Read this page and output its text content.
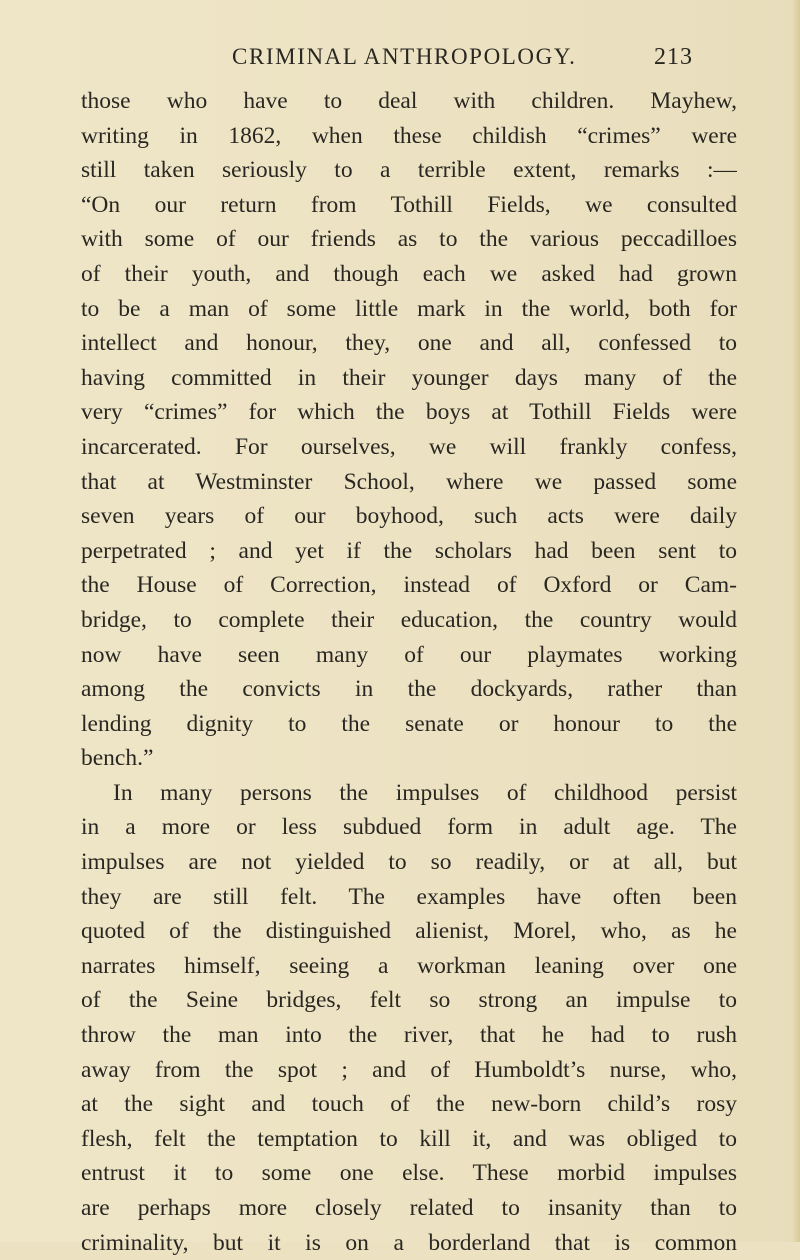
CRIMINAL ANTHROPOLOGY.	213
those who have to deal with children. Mayhew,
writing in 1862, when these childish “crimes” were
still taken seriously to a terrible extent, remarks :—
“On our return from Tothill Fields, we consulted
with some of our friends as to the various peccadilloes
of their youth, and though each we asked had grown
to be a man of some little mark in the world, both for
intellect and honour, they, one and all, confessed to
having committed in their younger days many of the
very “crimes” for which the boys at Tothill Fields were
incarcerated. For ourselves, we will frankly confess,
that at Westminster School, where we passed some
seven years of our boyhood, such acts were daily
perpetrated ; and yet if the scholars had been sent to
the House of Correction, instead of Oxford or Cam-
bridge, to complete their education, the country would
now have seen many of our playmates working
among the convicts in the dockyards, rather than
lending dignity to the senate or honour to the
bench.”
In many persons the impulses of childhood persist
in a more or less subdued form in adult age. The
impulses are not yielded to so readily, or at all, but
they are still felt. The examples have often been
quoted of the distinguished alienist, Morel, who, as he
narrates himself, seeing a workman leaning over one
of the Seine bridges, felt so strong an impulse to
throw the man into the river, that he had to rush
away from the spot ; and of Humboldt’s nurse, who,
at the sight and touch of the new-born child’s rosy
flesh, felt the temptation to kill it, and was obliged to
entrust it to some one else. These morbid impulses
are perhaps more closely related to insanity than to
criminality, but it is on a borderland that is common
